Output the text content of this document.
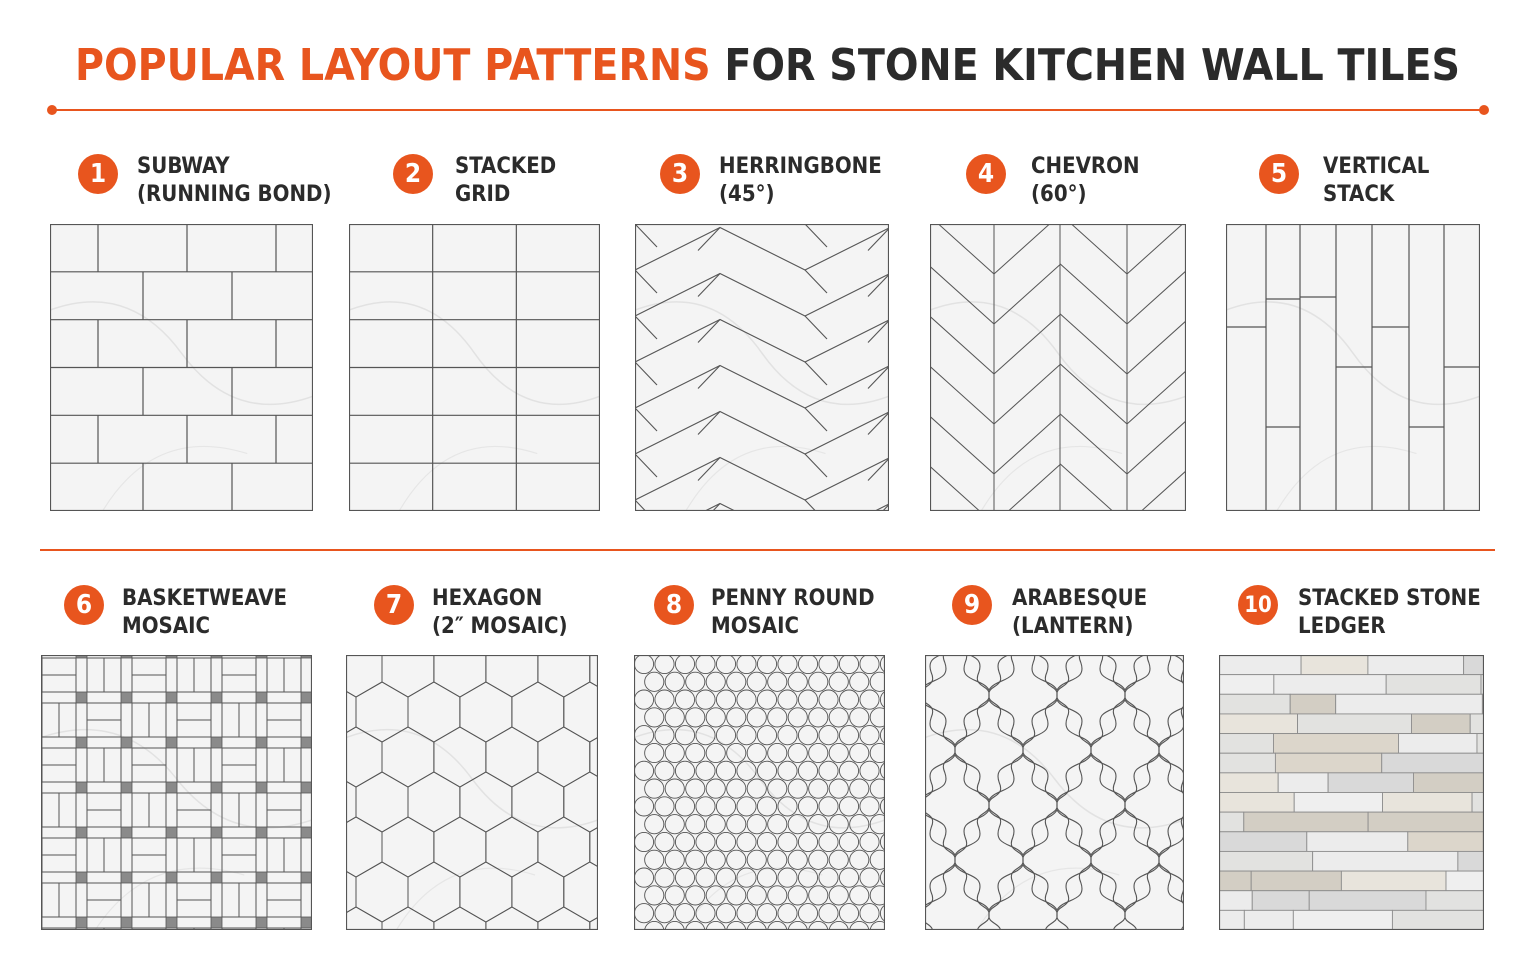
POPULAR LAYOUT PATTERNS FOR STONE KITCHEN WALL TILES
1	SUBWAY
(RUNNING BOND)
2	STACKED
GRID
3	HERRINGBONE
(45°)
4	CHEVRON
(60°)
5	VERTICAL
STACK
6	BASKETWEAVE
MOSAIC
7	HEXAGON
(2″ MOSAIC)
8	PENNY ROUND
MOSAIC
9	ARABESQUE
(LANTERN)
10 STACKED STONE
LEDGER
